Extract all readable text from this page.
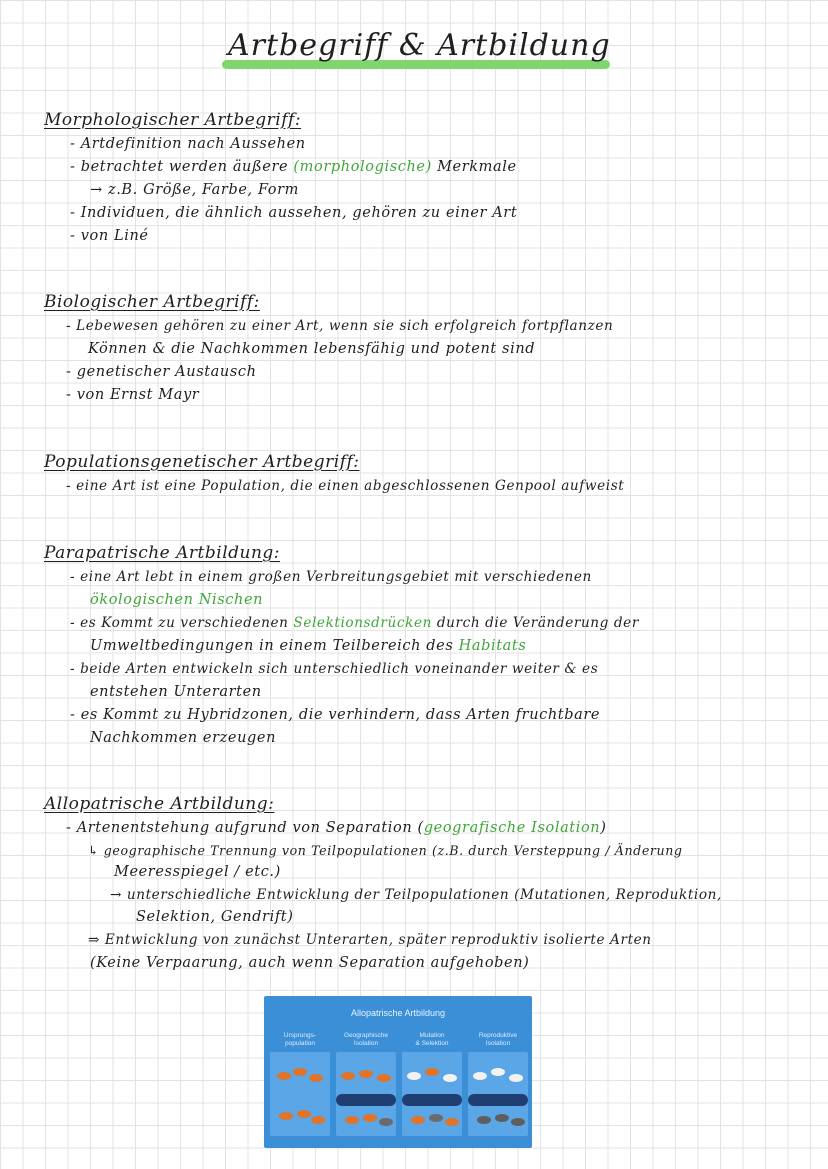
Artbegriff & Artbildung
Morphologischer Artbegriff:
- Artdefinition nach Aussehen
- betrachtet werden äußere (morphologische) Merkmale
→ z.B. Größe, Farbe, Form
- Individuen, die ähnlich aussehen, gehören zu einer Art
- von Liné
Biologischer Artbegriff:
- Lebewesen gehören zu einer Art, wenn sie sich erfolgreich fortpflanzen
Können & die Nachkommen lebensfähig und potent sind
- genetischer Austausch
- von Ernst Mayr
Populationsgenetischer Artbegriff:
- eine Art ist eine Population, die einen abgeschlossenen Genpool aufweist
Parapatrische Artbildung:
- eine Art lebt in einem großen Verbreitungsgebiet mit verschiedenen
ökologischen Nischen
- es Kommt zu verschiedenen Selektionsdrücken durch die Veränderung der
Umweltbedingungen in einem Teilbereich des Habitats
- beide Arten entwickeln sich unterschiedlich voneinander weiter & es
entstehen Unterarten
- es Kommt zu Hybridzonen, die verhindern, dass Arten fruchtbare
Nachkommen erzeugen
Allopatrische Artbildung:
- Artenentstehung aufgrund von Separation (geografische Isolation)
↳ geographische Trennung von Teilpopulationen (z.B. durch Versteppung / Änderung
Meeresspiegel / etc.)
→ unterschiedliche Entwicklung der Teilpopulationen (Mutationen, Reproduktion,
Selektion, Gendrift)
⇒ Entwicklung von zunächst Unterarten, später reproduktiv isolierte Arten
(Keine Verpaarung, auch wenn Separation aufgehoben)
Allopatrische Artbildung
Ursprungs-
population
Geographische
Isolation
Mutation
& Selektion
Reproduktive
Isolation
